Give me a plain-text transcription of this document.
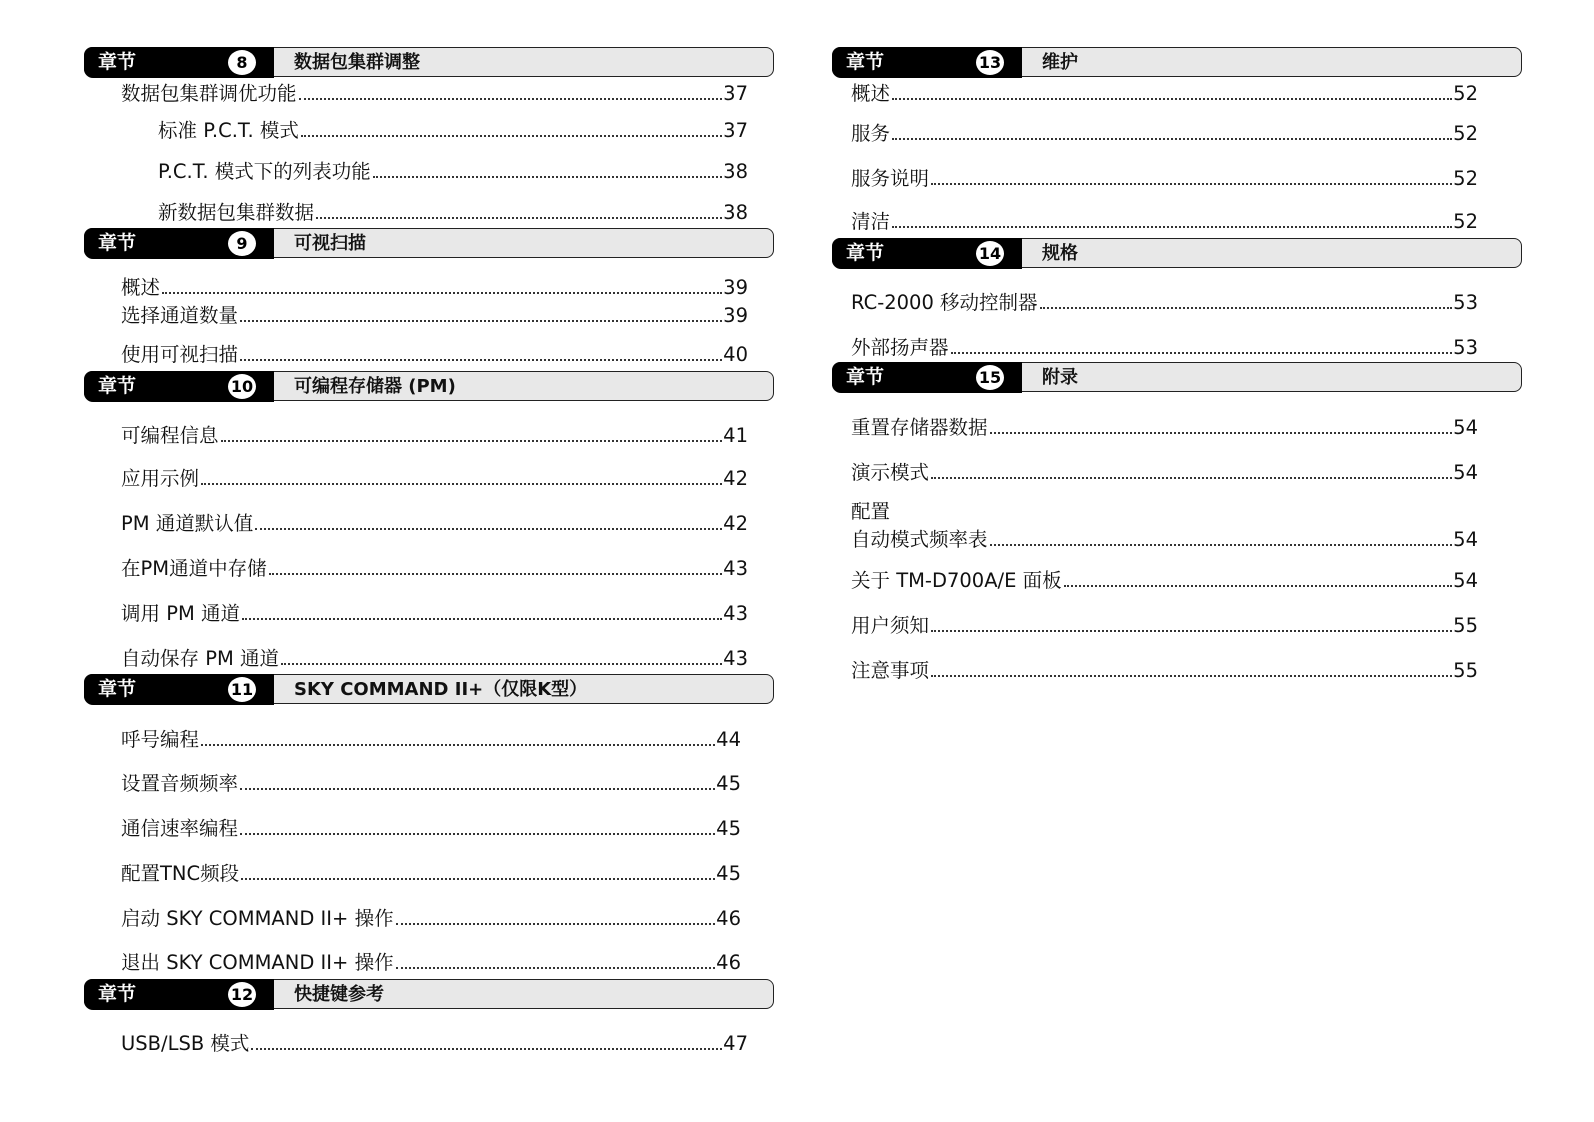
章节	8	数据包集群调整
数据包集群调优功能	37
标准 P.C.T. 模式	37
P.C.T. 模式下的列表功能	38
新数据包集群数据	38
章节	9	可视扫描
概述	39
选择通道数量	39
使用可视扫描	40
章节	10 可编程存储器 (PM)
可编程信息	41
应用示例	42
PM 通道默认值	42
在PM通道中存储	43
调用 PM 通道	43
自动保存 PM 通道	43
章节	11 SKY COMMAND II+（仅限K型）
呼号编程	44
设置音频频率	45
通信速率编程	45
配置TNC频段	45
启动 SKY COMMAND II+ 操作	46
退出 SKY COMMAND II+ 操作	46
章节	12 快捷键参考
USB/LSB 模式	47
章节	13 维护
概述	52
服务	52
服务说明	52
清洁	52
章节	14 规格
RC-2000 移动控制器	53
外部扬声器	53
章节	15 附录
重置存储器数据	54
演示模式	54
配置
自动模式频率表	54
关于 TM-D700A/E 面板	54
用户须知	55
注意事项	55
